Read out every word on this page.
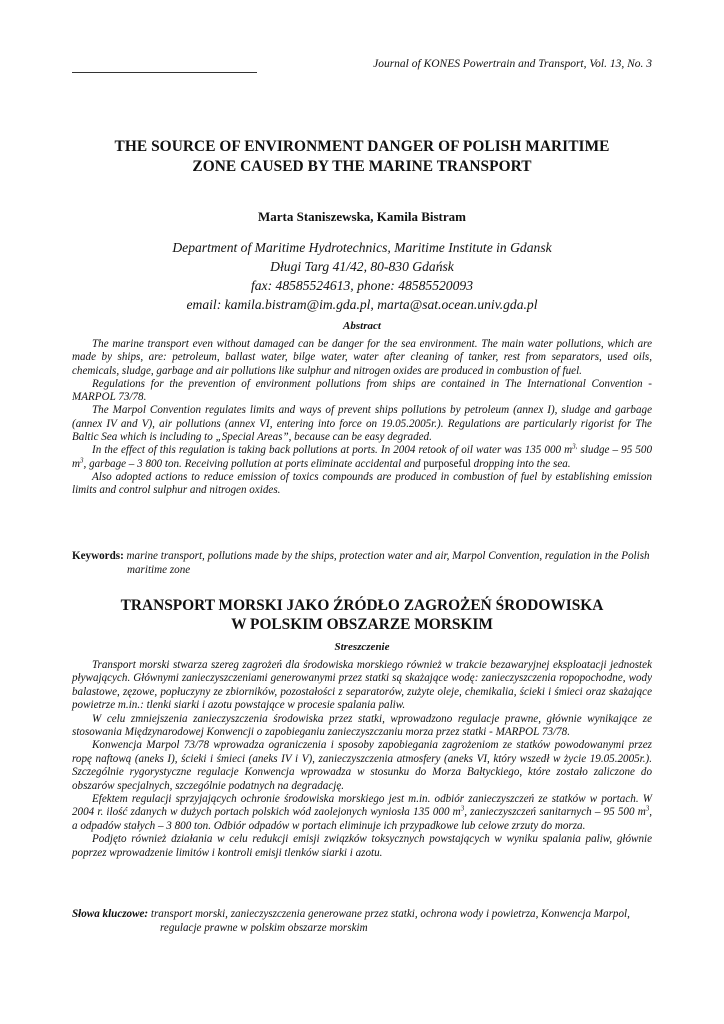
Journal of KONES Powertrain and Transport, Vol. 13, No. 3
THE SOURCE OF ENVIRONMENT DANGER OF POLISH MARITIME
ZONE CAUSED BY THE MARINE TRANSPORT
Marta Staniszewska, Kamila Bistram
Department of Maritime Hydrotechnics, Maritime Institute in Gdansk
Długi Targ 41/42, 80-830 Gdańsk
fax: 48585524613, phone: 48585520093
email: kamila.bistram@im.gda.pl, marta@sat.ocean.univ.gda.pl
Abstract

The marine transport even without damaged can be danger for the sea environment. The main water pollutions, which are made by ships, are: petroleum, ballast water, bilge water, water after cleaning of tanker, rest from separators, used oils, chemicals, sludge, garbage and air pollutions like sulphur and nitrogen oxides are produced in combustion of fuel.

Regulations for the prevention of environment pollutions from ships are contained in The International Convention - MARPOL 73/78.

The Marpol Convention regulates limits and ways of prevent ships pollutions by petroleum (annex I), sludge and garbage (annex IV and V), air pollutions (annex VI, entering into force on 19.05.2005r.). Regulations are particularly rigorist for The Baltic Sea which is including to „Special Areas”, because can be easy degraded.

In the effect of this regulation is taking back pollutions at ports. In 2004 retook of oil water was 135 000 $m^{3,}$ sludge – 95 500 $m^3$, garbage – 3 800 ton. Receiving pollution at ports eliminate accidental and purposeful dropping into the sea.

Also adopted actions to reduce emission of toxics compounds are produced in combustion of fuel by establishing emission limits and control sulphur and nitrogen oxides.

Keywords: marine transport, pollutions made by the ships, protection water and air, Marpol Convention, regulation in the Polish maritime zone
TRANSPORT MORSKI JAKO ŹRÓDŁO ZAGROŻEŃ ŚRODOWISKA
W POLSKIM OBSZARZE MORSKIM
Streszczenie

Transport morski stwarza szereg zagrożeń dla środowiska morskiego również w trakcie bezawaryjnej eksploatacji jednostek pływających. Głównymi zanieczyszczeniami generowanymi przez statki są skażające wodę: zanieczyszczenia ropopochodne, wody balastowe, zęzowe, popłuczyny ze zbiorników, pozostałości z separatorów, zużyte oleje, chemikalia, ścieki i śmieci oraz skażające powietrze m.in.: tlenki siarki i azotu powstające w procesie spalania paliw.

W celu zmniejszenia zanieczyszczenia środowiska przez statki, wprowadzono regulacje prawne, głównie wynikające ze stosowania Międzynarodowej Konwencji o zapobieganiu zanieczyszczaniu morza przez statki - MARPOL 73/78.

Konwencja Marpol 73/78 wprowadza ograniczenia i sposoby zapobiegania zagrożeniom ze statków powodowanymi przez ropę naftową (aneks I), ścieki i śmieci (aneks IV i V), zanieczyszczenia atmosfery (aneks VI, który wszedł w życie 19.05.2005r.). Szczególnie rygorystyczne regulacje Konwencja wprowadza w stosunku do Morza Bałtyckiego, które zostało zaliczone do obszarów specjalnych, szczególnie podatnych na degradację.

Efektem regulacji sprzyjających ochronie środowiska morskiego jest m.in. odbiór zanieczyszczeń ze statków w portach. W 2004 r. ilość zdanych w dużych portach polskich wód zaolejonych wyniosła 135 000 $m^3$, zanieczyszczeń sanitarnych – 95 500 $m^3$, a odpadów stałych – 3 800 ton. Odbiór odpadów w portach eliminuje ich przypadkowe lub celowe zrzuty do morza.

Podjęto również działania w celu redukcji emisji związków toksycznych powstających w wyniku spalania paliw, głównie poprzez wprowadzenie limitów i kontroli emisji tlenków siarki i azotu.

Słowa kluczowe: transport morski, zanieczyszczenia generowane przez statki, ochrona wody i powietrza, Konwencja Marpol, regulacje prawne w polskim obszarze morskim
